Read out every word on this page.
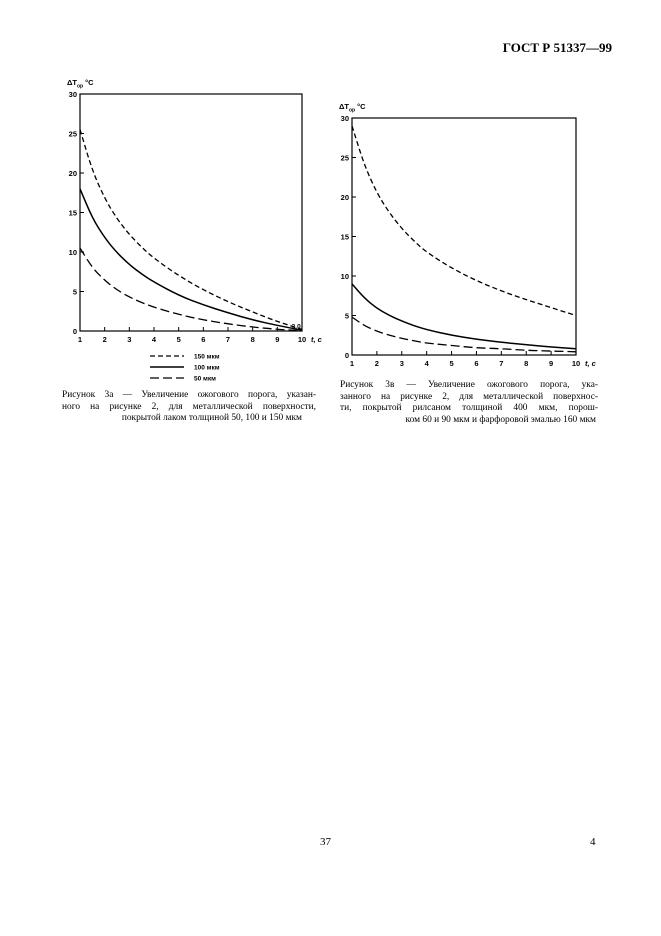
ГОСТ Р 51337—99
$\Delta T_{ор}$ °C
0
5
10
15
20
25
30
1	2	3	4	5	6	7	8	9 10 t, c
3,0
150 мкм
100 мкм
50 мкм
$\Delta T_{ор}$ °C
0
5
10
15
20
25
30
1	2	3	4	5	6	7	8	9 10 t, c
Рисунок 3а — Увеличение ожогового порога, указан-
ного на рисунке 2, для металлической поверхности,
покрытой лаком толщиной 50, 100 и 150 мкм
Рисунок 3в — Увеличение ожогового порога, ука-
занного на рисунке 2, для металлической поверхнос-
ти, покрытой рилсаном толщиной 400 мкм, порош-
ком 60 и 90 мкм и фарфоровой эмалью 160 мкм
37	4
